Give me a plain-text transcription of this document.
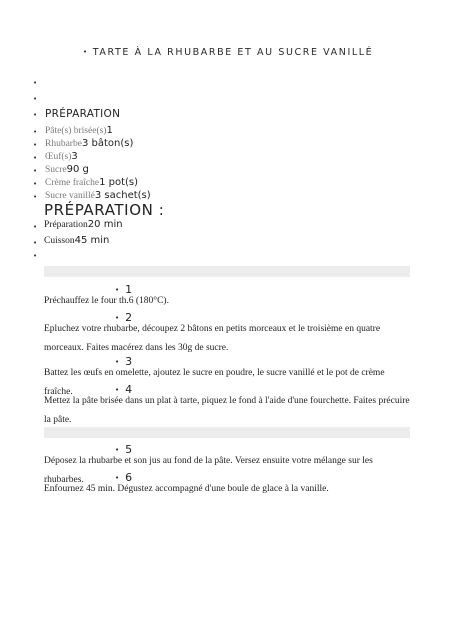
• TARTE À LA RHUBARBE ET AU SUCRE VANILLÉ
•
•
• PRÉPARATION
• Pâte(s) brisée(s)1
• Rhubarbe3 bâton(s)
• Œuf(s)3
• Sucre90 g
• Crème fraîche1 pot(s)
• Sucre vanillé3 sachet(s)
PRÉPARATION :
• Préparation20 min
• Cuisson45 min
•
• 1
Préchauffez le four th.6 (180°C).
• 2
Epluchez votre rhubarbe, découpez 2 bâtons en petits morceaux et le troisième en quatre morceaux. Faites macérez dans les 30g de sucre.
• 3
Battez les œufs en omelette, ajoutez le sucre en poudre, le sucre vanillé et le pot de crème fraîche.	• 4
Mettez la pâte brisée dans un plat à tarte, piquez le fond à l'aide d'une fourchette. Faites précuire la pâte.
• 5
Déposez la rhubarbe et son jus au fond de la pâte. Versez ensuite votre mélange sur les rhubarbes.	• 6
Enfournez 45 min. Dégustez accompagné d'une boule de glace à la vanille.
